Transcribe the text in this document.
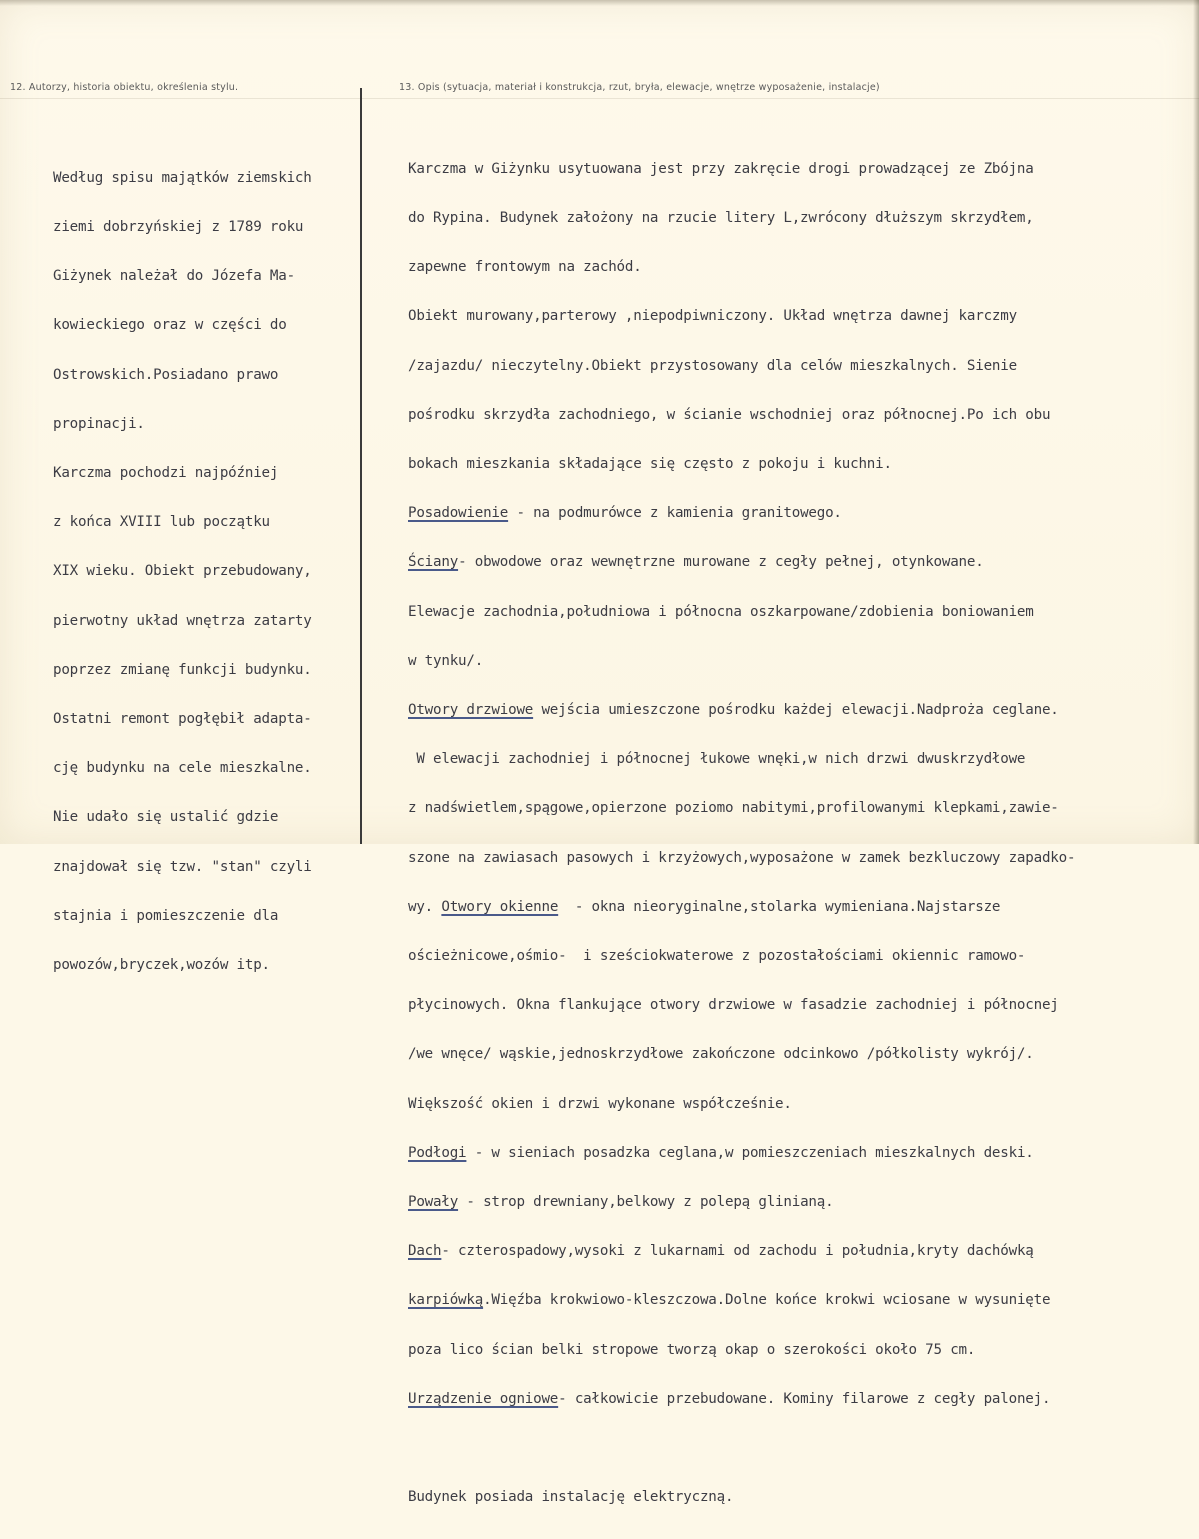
12. Autorzy, historia obiektu, określenia stylu.	13. Opis (sytuacja, materiał i konstrukcja, rzut, bryła, elewacje, wnętrze wyposażenie, instalacje)

Według spisu majątków ziemskich

ziemi dobrzyńskiej z 1789 roku

Giżynek należał do Józefa Ma-

kowieckiego oraz w części do

Ostrowskich.Posiadano prawo

propinacji.

Karczma pochodzi najpóźniej

z końca XVIII lub początku

XIX wieku. Obiekt przebudowany,

pierwotny układ wnętrza zatarty

poprzez zmianę funkcji budynku.

Ostatni remont pogłębił adapta-

cję budynku na cele mieszkalne.

Nie udało się ustalić gdzie

znajdował się tzw. "stan" czyli

stajnia i pomieszczenie dla

powozów,bryczek,wozów itp.

Karczma w Giżynku usytuowana jest przy zakręcie drogi prowadzącej ze Zbójna

do Rypina. Budynek założony na rzucie litery L,zwrócony dłuższym skrzydłem,

zapewne frontowym na zachód.

Obiekt murowany,parterowy ,niepodpiwniczony. Układ wnętrza dawnej karczmy

/zajazdu/ nieczytelny.Obiekt przystosowany dla celów mieszkalnych. Sienie

pośrodku skrzydła zachodniego, w ścianie wschodniej oraz północnej.Po ich obu

bokach mieszkania składające się często z pokoju i kuchni.

Posadowienie - na podmurówce z kamienia granitowego.

Ściany- obwodowe oraz wewnętrzne murowane z cegły pełnej, otynkowane.

Elewacje zachodnia,południowa i północna oszkarpowane/zdobienia boniowaniem

w tynku/.

Otwory drzwiowe wejścia umieszczone pośrodku każdej elewacji.Nadproża ceglane.

W elewacji zachodniej i północnej łukowe wnęki,w nich drzwi dwuskrzydłowe

z nadświetlem,spągowe,opierzone poziomo nabitymi,profilowanymi klepkami,zawie-

szone na zawiasach pasowych i krzyżowych,wyposażone w zamek bezkluczowy zapadko-

wy. Otwory okienne  - okna nieoryginalne,stolarka wymieniana.Najstarsze

ościeżnicowe,ośmio-  i sześciokwaterowe z pozostałościami okiennic ramowo-

płycinowych. Okna flankujące otwory drzwiowe w fasadzie zachodniej i północnej

/we wnęce/ wąskie,jednoskrzydłowe zakończone odcinkowo /półkolisty wykrój/.

Większość okien i drzwi wykonane współcześnie.

Podłogi - w sieniach posadzka ceglana,w pomieszczeniach mieszkalnych deski.

Powały - strop drewniany,belkowy z polepą glinianą.

Dach- czterospadowy,wysoki z lukarnami od zachodu i południa,kryty dachówką

karpiówką.Więźba krokwiowo-kleszczowa.Dolne końce krokwi wciosane w wysunięte

poza lico ścian belki stropowe tworzą okap o szerokości około 75 cm.

Urządzenie ogniowe- całkowicie przebudowane. Kominy filarowe z cegły palonej.

Budynek posiada instalację elektryczną.
